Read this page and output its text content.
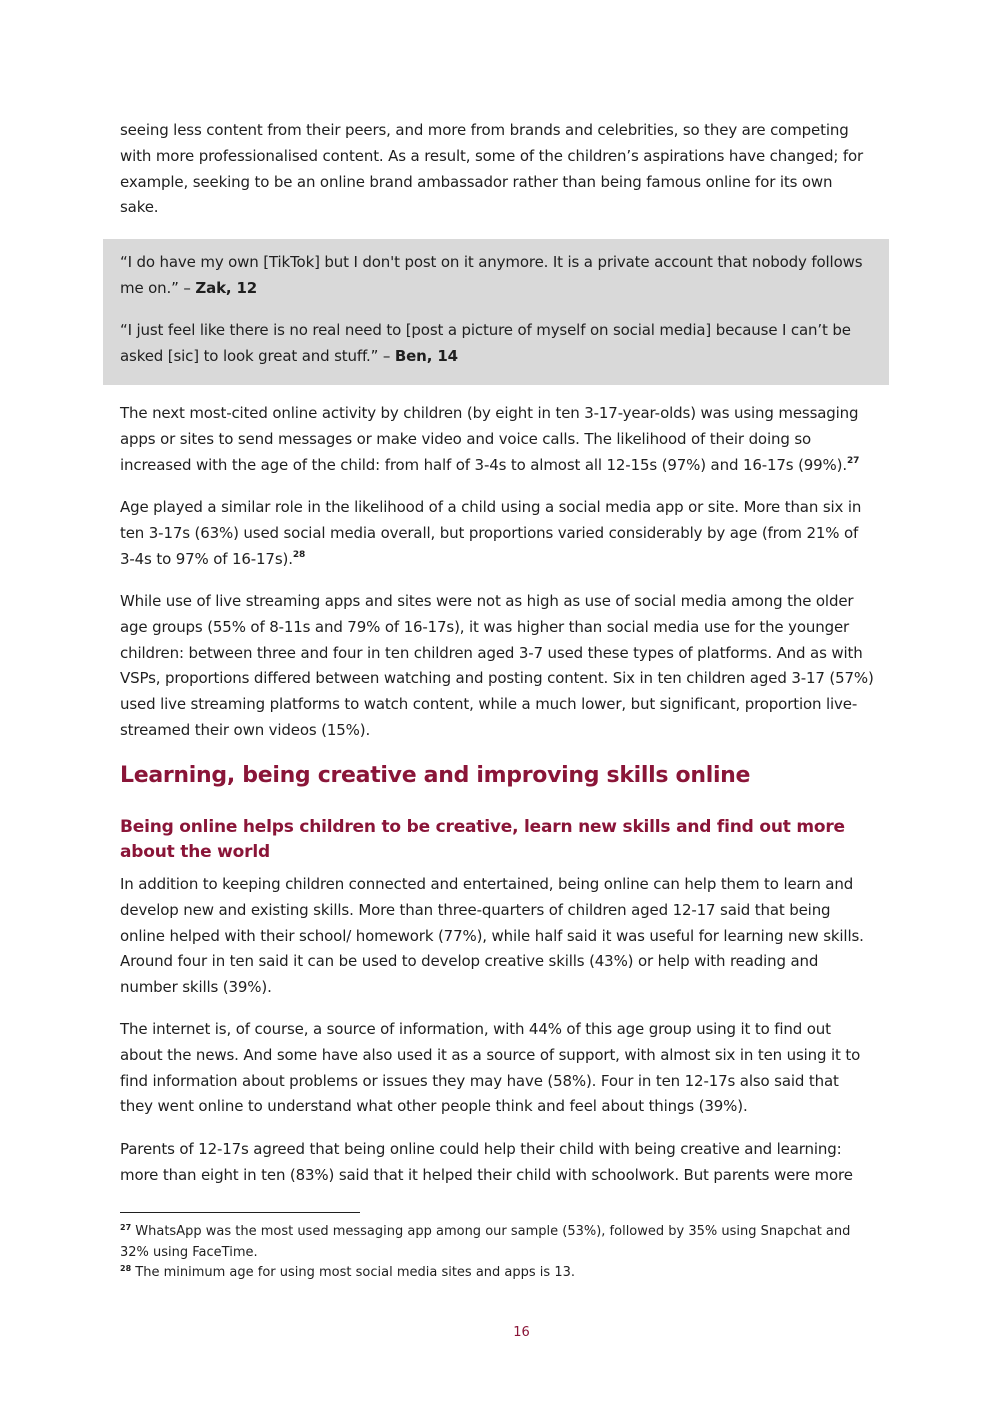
seeing less content from their peers, and more from brands and celebrities, so they are competing with more professionalised content. As a result, some of the children’s aspirations have changed; for example, seeking to be an online brand ambassador rather than being famous online for its own sake.

“I do have my own [TikTok] but I don't post on it anymore. It is a private account that nobody follows me on.” – Zak, 12

“I just feel like there is no real need to [post a picture of myself on social media] because I can’t be asked [sic] to look great and stuff.” – Ben, 14

The next most-cited online activity by children (by eight in ten 3-17-year-olds) was using messaging apps or sites to send messages or make video and voice calls. The likelihood of their doing so increased with the age of the child: from half of 3-4s to almost all 12-15s (97%) and 16-17s (99%).$^{27}$

Age played a similar role in the likelihood of a child using a social media app or site. More than six in ten 3-17s (63%) used social media overall, but proportions varied considerably by age (from 21% of 3-4s to 97% of 16-17s).$^{28}$

While use of live streaming apps and sites were not as high as use of social media among the older age groups (55% of 8-11s and 79% of 16-17s), it was higher than social media use for the younger children: between three and four in ten children aged 3-7 used these types of platforms. And as with VSPs, proportions differed between watching and posting content. Six in ten children aged 3-17 (57%) used live streaming platforms to watch content, while a much lower, but significant, proportion live-streamed their own videos (15%).

Learning, being creative and improving skills online
Being online helps children to be creative, learn new skills and find out more about the world

In addition to keeping children connected and entertained, being online can help them to learn and develop new and existing skills. More than three-quarters of children aged 12-17 said that being online helped with their school/ homework (77%), while half said it was useful for learning new skills. Around four in ten said it can be used to develop creative skills (43%) or help with reading and number skills (39%).

The internet is, of course, a source of information, with 44% of this age group using it to find out about the news. And some have also used it as a source of support, with almost six in ten using it to find information about problems or issues they may have (58%). Four in ten 12-17s also said that they went online to understand what other people think and feel about things (39%).

Parents of 12-17s agreed that being online could help their child with being creative and learning: more than eight in ten (83%) said that it helped their child with schoolwork. But parents were more

$^{27}$ WhatsApp was the most used messaging app among our sample (53%), followed by 35% using Snapchat and 32% using FaceTime.

$^{28}$ The minimum age for using most social media sites and apps is 13.

16
